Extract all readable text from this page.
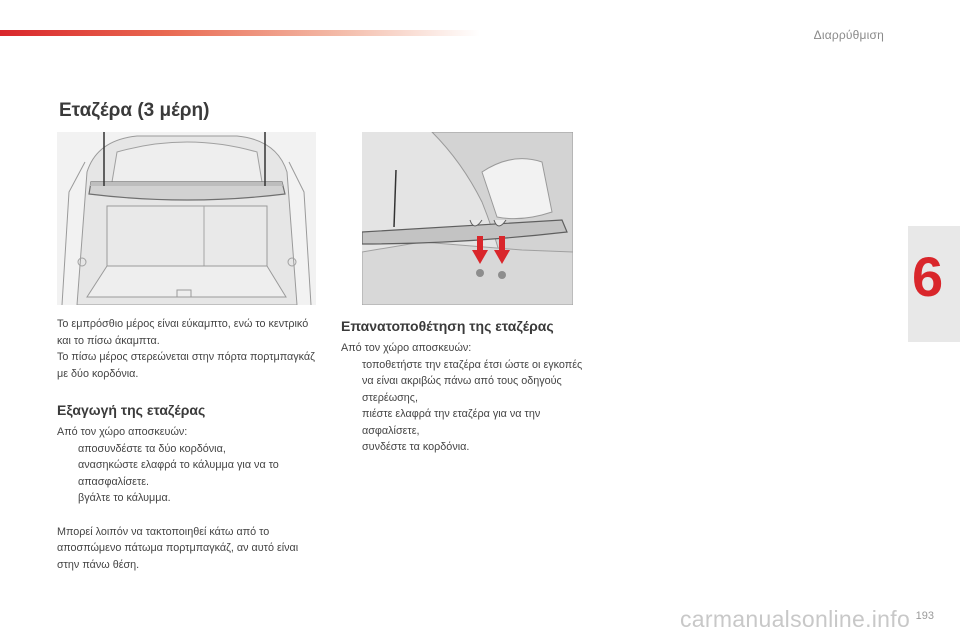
Διαρρύθμιση
6
Εταζέρα (3 μέρη)

Το εμπρόσθιο μέρος είναι εύκαμπτο, ενώ το κεντρικό και το πίσω άκαμπτα.

Το πίσω μέρος στερεώνεται στην πόρτα πορτμπαγκάζ με δύο κορδόνια.

Εξαγωγή της εταζέρας

Από τον χώρο αποσκευών:

αποσυνδέστε τα δύο κορδόνια,
ανασηκώστε ελαφρά το κάλυμμα για να το απασφαλίσετε.
βγάλτε το κάλυμμα.

Μπορεί λοιπόν να τακτοποιηθεί κάτω από το αποσπώμενο πάτωμα πορτμπαγκάζ, αν αυτό είναι στην πάνω θέση.

Επανατοποθέτηση της εταζέρας

Από τον χώρο αποσκευών:

τοποθετήστε την εταζέρα έτσι ώστε οι εγκοπές να είναι ακριβώς πάνω από τους οδηγούς στερέωσης,
πιέστε ελαφρά την εταζέρα για να την ασφαλίσετε,
συνδέστε τα κορδόνια.
193
carmanualsonline.info
